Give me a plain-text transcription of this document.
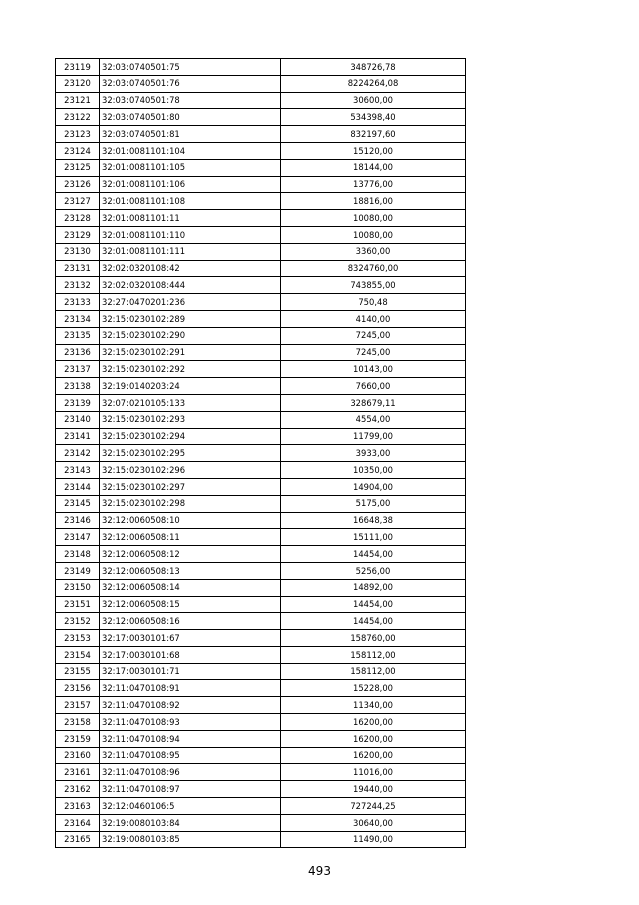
23119	32:03:0740501:75	348726,78
23120	32:03:0740501:76	8224264,08
23121	32:03:0740501:78	30600,00
23122	32:03:0740501:80	534398,40
23123	32:03:0740501:81	832197,60
23124	32:01:0081101:104	15120,00
23125	32:01:0081101:105	18144,00
23126	32:01:0081101:106	13776,00
23127	32:01:0081101:108	18816,00
23128	32:01:0081101:11	10080,00
23129	32:01:0081101:110	10080,00
23130	32:01:0081101:111	3360,00
23131	32:02:0320108:42	8324760,00
23132	32:02:0320108:444	743855,00
23133	32:27:0470201:236	750,48
23134	32:15:0230102:289	4140,00
23135	32:15:0230102:290	7245,00
23136	32:15:0230102:291	7245,00
23137	32:15:0230102:292	10143,00
23138	32:19:0140203:24	7660,00
23139	32:07:0210105:133	328679,11
23140	32:15:0230102:293	4554,00
23141	32:15:0230102:294	11799,00
23142	32:15:0230102:295	3933,00
23143	32:15:0230102:296	10350,00
23144	32:15:0230102:297	14904,00
23145	32:15:0230102:298	5175,00
23146	32:12:0060508:10	16648,38
23147	32:12:0060508:11	15111,00
23148	32:12:0060508:12	14454,00
23149	32:12:0060508:13	5256,00
23150	32:12:0060508:14	14892,00
23151	32:12:0060508:15	14454,00
23152	32:12:0060508:16	14454,00
23153	32:17:0030101:67	158760,00
23154	32:17:0030101:68	158112,00
23155	32:17:0030101:71	158112,00
23156	32:11:0470108:91	15228,00
23157	32:11:0470108:92	11340,00
23158	32:11:0470108:93	16200,00
23159	32:11:0470108:94	16200,00
23160	32:11:0470108:95	16200,00
23161	32:11:0470108:96	11016,00
23162	32:11:0470108:97	19440,00
23163	32:12:0460106:5	727244,25
23164	32:19:0080103:84	30640,00
23165	32:19:0080103:85	11490,00
493
